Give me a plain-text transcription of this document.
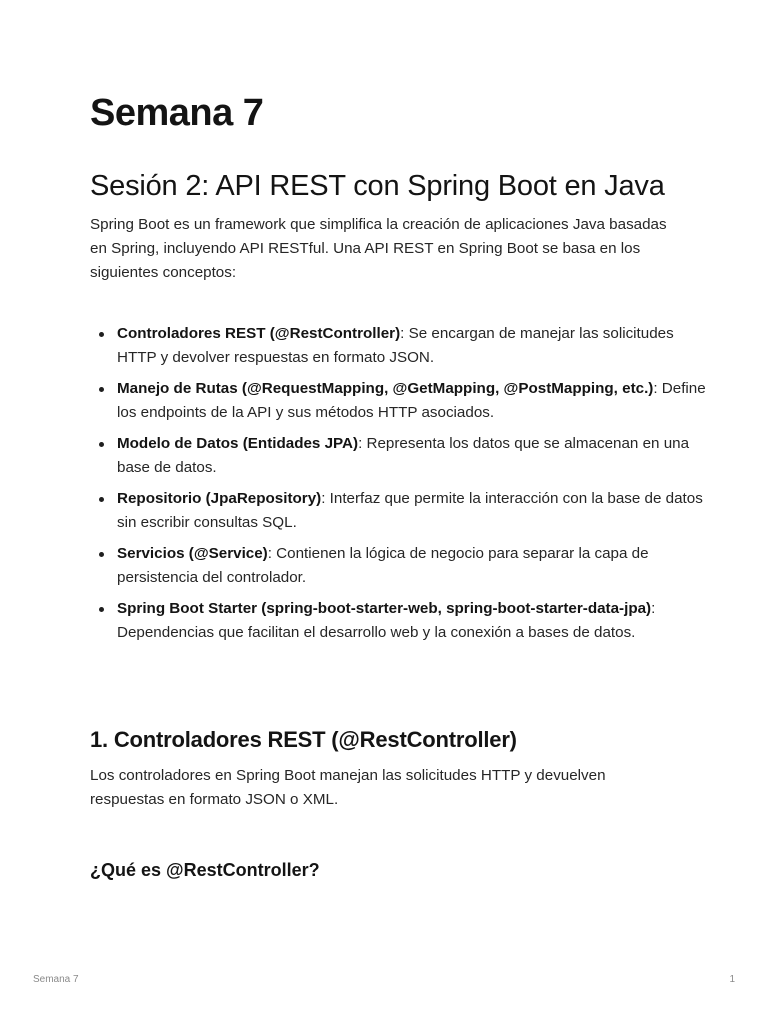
Semana 7
Sesión 2: API REST con Spring Boot en Java

Spring Boot es un framework que simplifica la creación de aplicaciones Java basadas en Spring, incluyendo API RESTful. Una API REST en Spring Boot se basa en los siguientes conceptos:

Controladores REST (@RestController): Se encargan de manejar las solicitudes HTTP y devolver respuestas en formato JSON.
Manejo de Rutas (@RequestMapping, @GetMapping, @PostMapping, etc.): Define los endpoints de la API y sus métodos HTTP asociados.
Modelo de Datos (Entidades JPA): Representa los datos que se almacenan en una base de datos.
Repositorio (JpaRepository): Interfaz que permite la interacción con la base de datos sin escribir consultas SQL.
Servicios (@Service): Contienen la lógica de negocio para separar la capa de persistencia del controlador.
Spring Boot Starter (spring-boot-starter-web, spring-boot-starter-data-jpa): Dependencias que facilitan el desarrollo web y la conexión a bases de datos.
1. Controladores REST (@RestController)

Los controladores en Spring Boot manejan las solicitudes HTTP y devuelven respuestas en formato JSON o XML.

¿Qué es @RestController?
Semana 7	1
